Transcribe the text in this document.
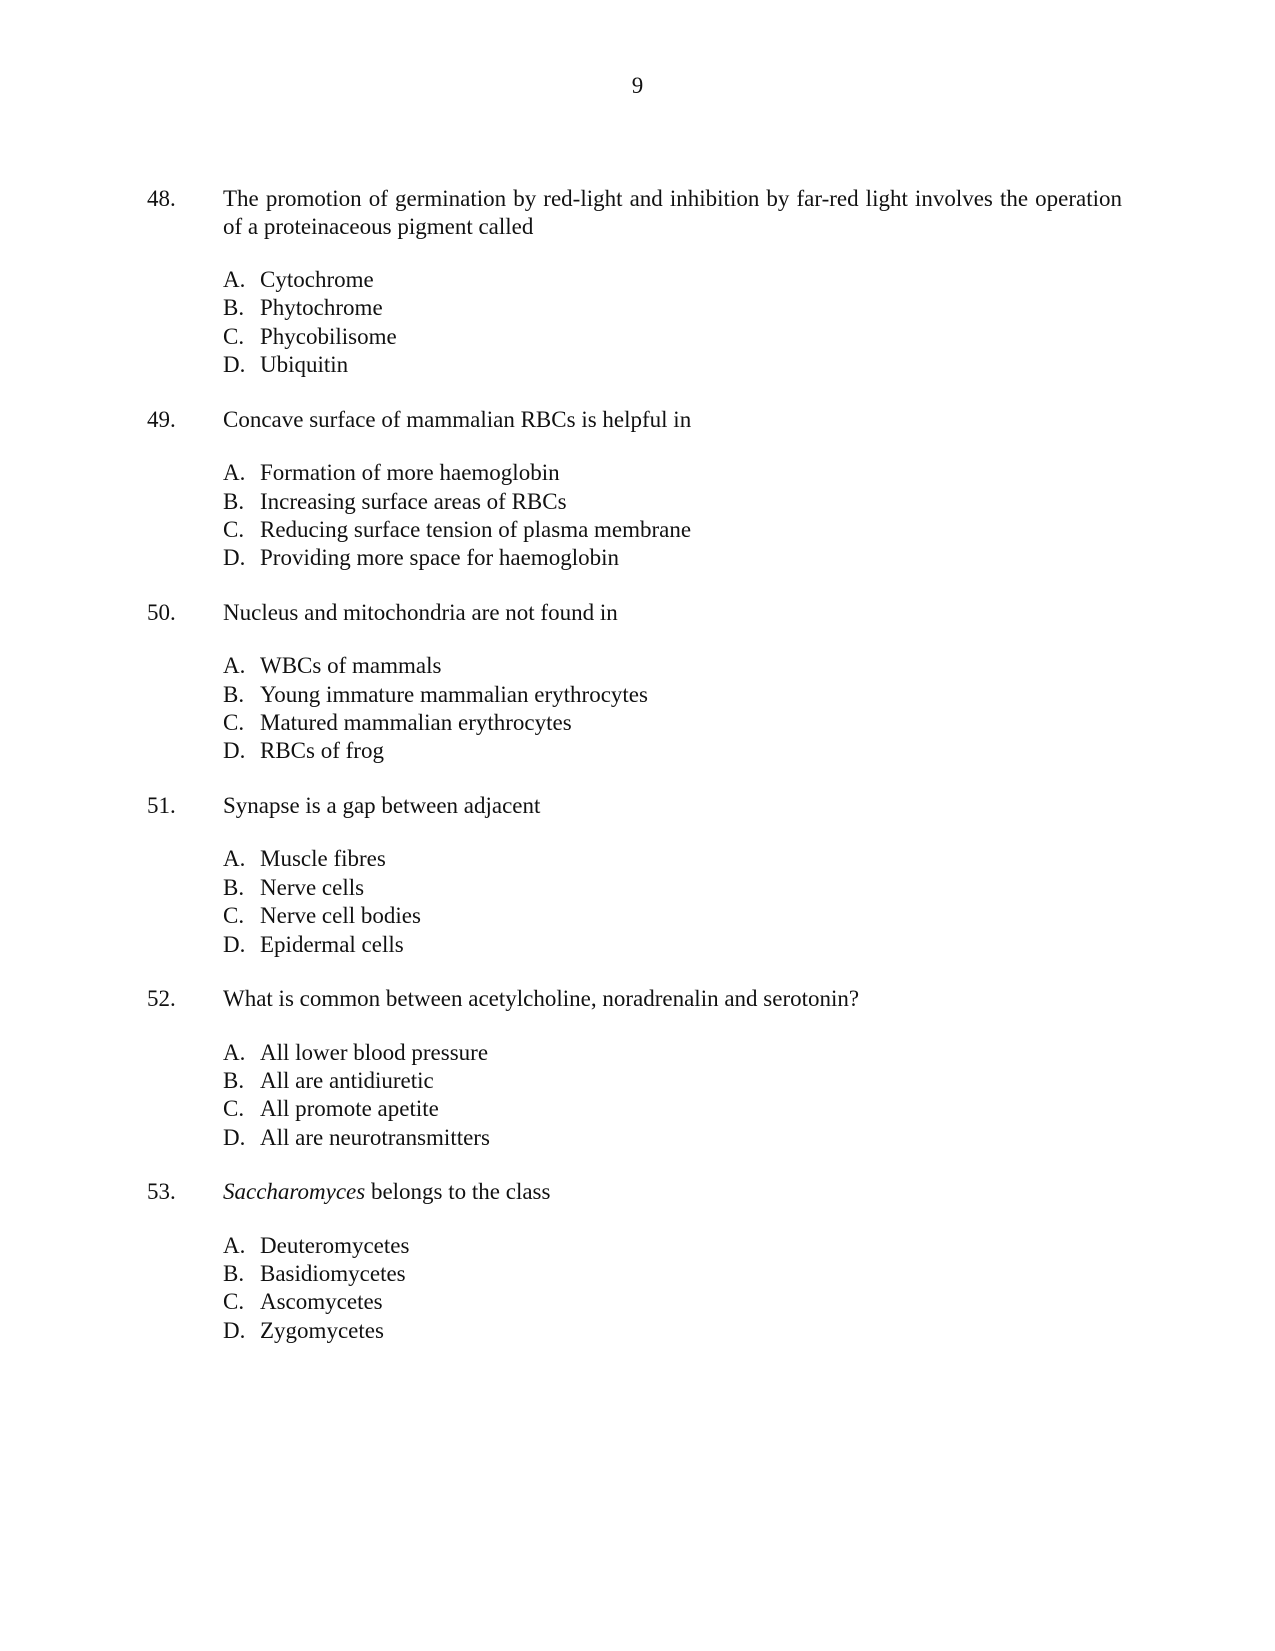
9
48. The promotion of germination by red-light and inhibition by far-red light involves the operation of a proteinaceous pigment called
A. Cytochrome
B. Phytochrome
C. Phycobilisome
D. Ubiquitin
49. Concave surface of mammalian RBCs is helpful in
A. Formation of more haemoglobin
B. Increasing surface areas of RBCs
C. Reducing surface tension of plasma membrane
D. Providing more space for haemoglobin
50. Nucleus and mitochondria are not found in
A. WBCs of mammals
B. Young immature mammalian erythrocytes
C. Matured mammalian erythrocytes
D. RBCs of frog
51. Synapse is a gap between adjacent
A. Muscle fibres
B. Nerve cells
C. Nerve cell bodies
D. Epidermal cells
52. What is common between acetylcholine, noradrenalin and serotonin?
A. All lower blood pressure
B. All are antidiuretic
C. All promote apetite
D. All are neurotransmitters
53. Saccharomyces belongs to the class
A. Deuteromycetes
B. Basidiomycetes
C. Ascomycetes
D. Zygomycetes
